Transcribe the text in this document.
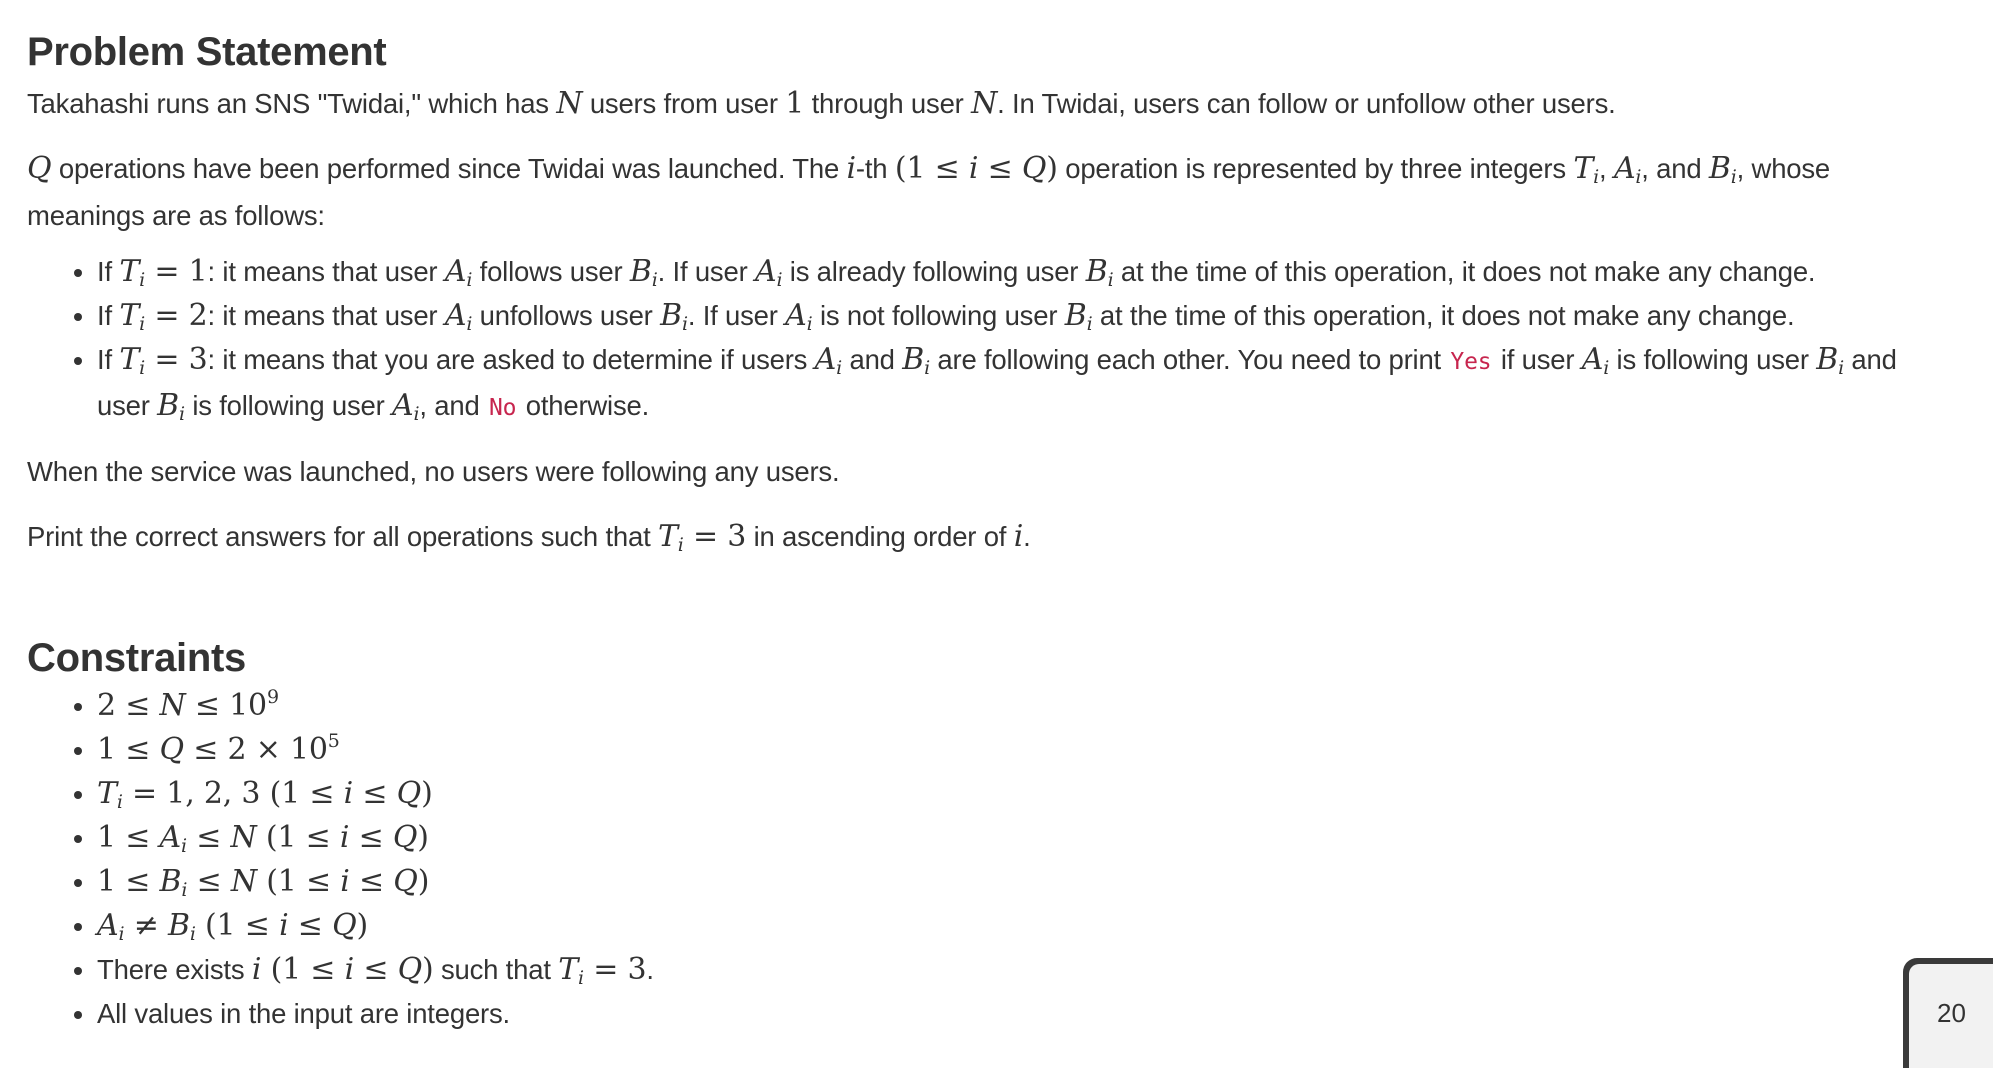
Problem Statement

Takahashi runs an SNS "Twidai," which has N users from user 1 through user N. In Twidai, users can follow or unfollow other users.

Q operations have been performed since Twidai was launched. The i-th (1 ≤ i ≤ Q) operation is represented by three integers $T_i$, $A_i$, and $B_i$, whose meanings are as follows:

• If $T_i = 1$: it means that user $A_i$ follows user $B_i$. If user $A_i$ is already following user $B_i$ at the time of this operation, it does not make any change.
• If $T_i = 2$: it means that user $A_i$ unfollows user $B_i$. If user $A_i$ is not following user $B_i$ at the time of this operation, it does not make any change.
• If $T_i = 3$: it means that you are asked to determine if users $A_i$ and $B_i$ are following each other. You need to print Yes if user $A_i$ is following user $B_i$ and user $B_i$ is following user $A_i$, and No otherwise.

When the service was launched, no users were following any users.

Print the correct answers for all operations such that $T_i = 3$ in ascending order of i.

Constraints
• $2 \le N \le 10^9$
• $1 \le Q \le 2 \times 10^5$
• $T_i = 1$, 2, 3 (1 ≤ i ≤ Q)
• $1 \le A_i \le N$ (1 ≤ i ≤ Q)
• $1 \le B_i \le N$ (1 ≤ i ≤ Q)
• $A_i \ne B_i$ (1 ≤ i ≤ Q)
• There exists i (1 ≤ i ≤ Q) such that $T_i = 3$.
• All values in the input are integers.	20
